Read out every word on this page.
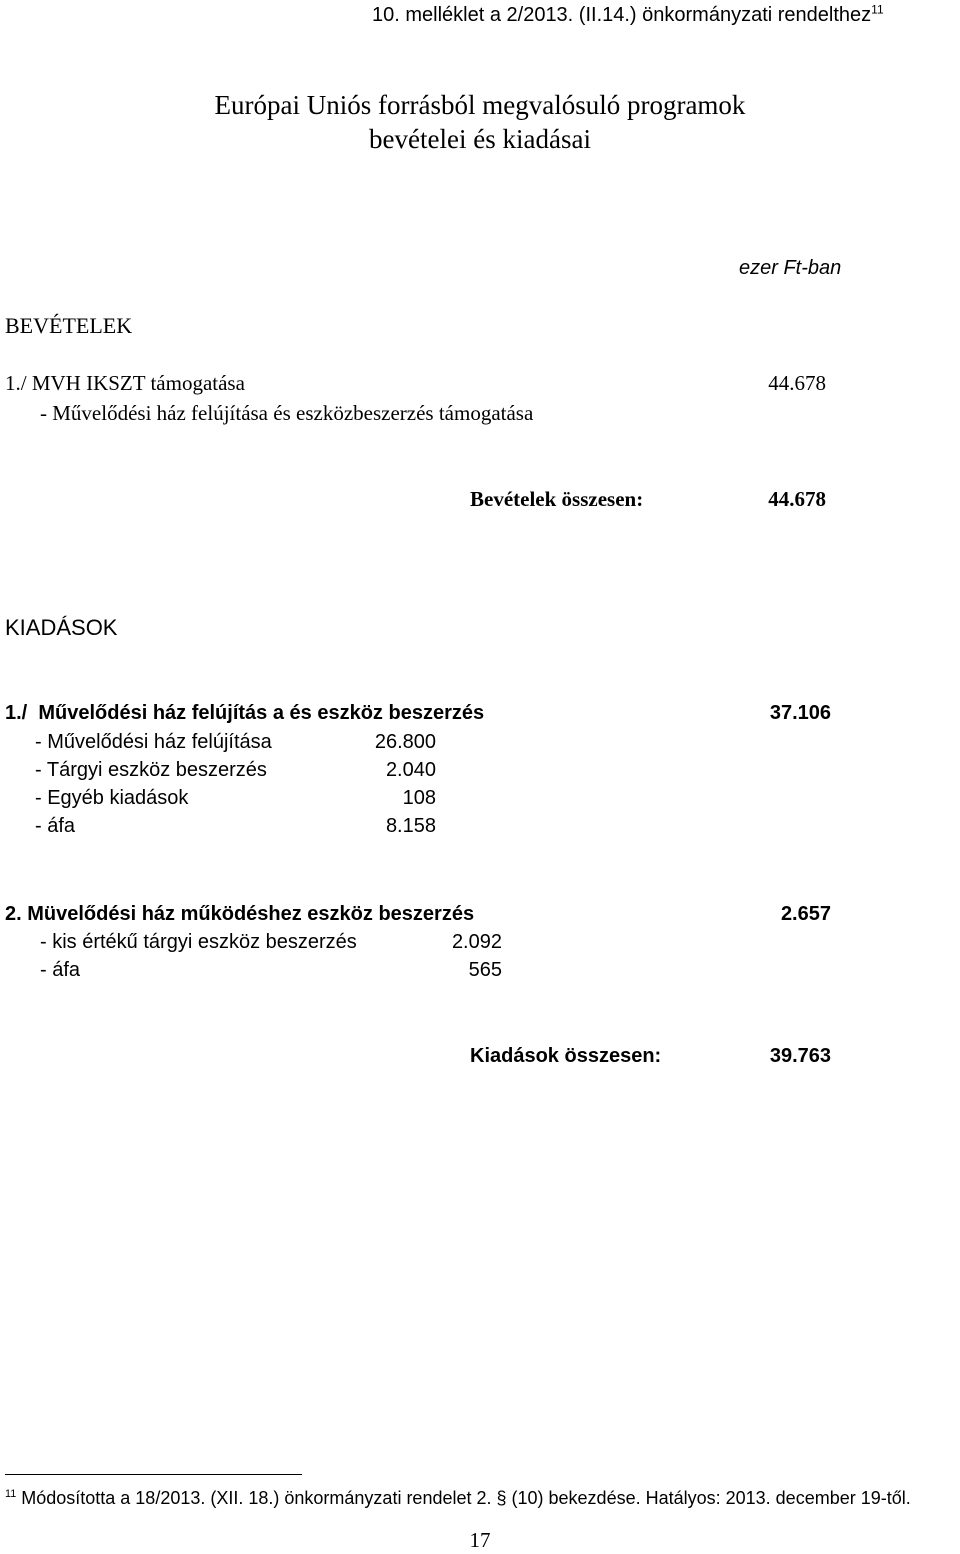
10. melléklet a 2/2013. (II.14.) önkormányzati rendelthez$^{11}$
Európai Uniós forrásból megvalósuló programok
bevételei és kiadásai
ezer Ft-ban
BEVÉTELEK
1./ MVH IKSZT támogatása	44.678
- Művelődési ház felújítása és eszközbeszerzés támogatása
Bevételek összesen:	44.678
KIADÁSOK
1./  Művelődési ház felújítás a és eszköz beszerzés	37.106
- Művelődési ház felújítása	26.800
- Tárgyi eszköz beszerzés	2.040
- Egyéb kiadások	108
- áfa	8.158
2. Müvelődési ház működéshez eszköz beszerzés	2.657
- kis értékű tárgyi eszköz beszerzés	2.092
- áfa	565
Kiadások összesen:	39.763
$^{11}$ Módosította a 18/2013. (XII. 18.) önkormányzati rendelet 2. § (10) bekezdése. Hatályos: 2013. december 19-től.
17
